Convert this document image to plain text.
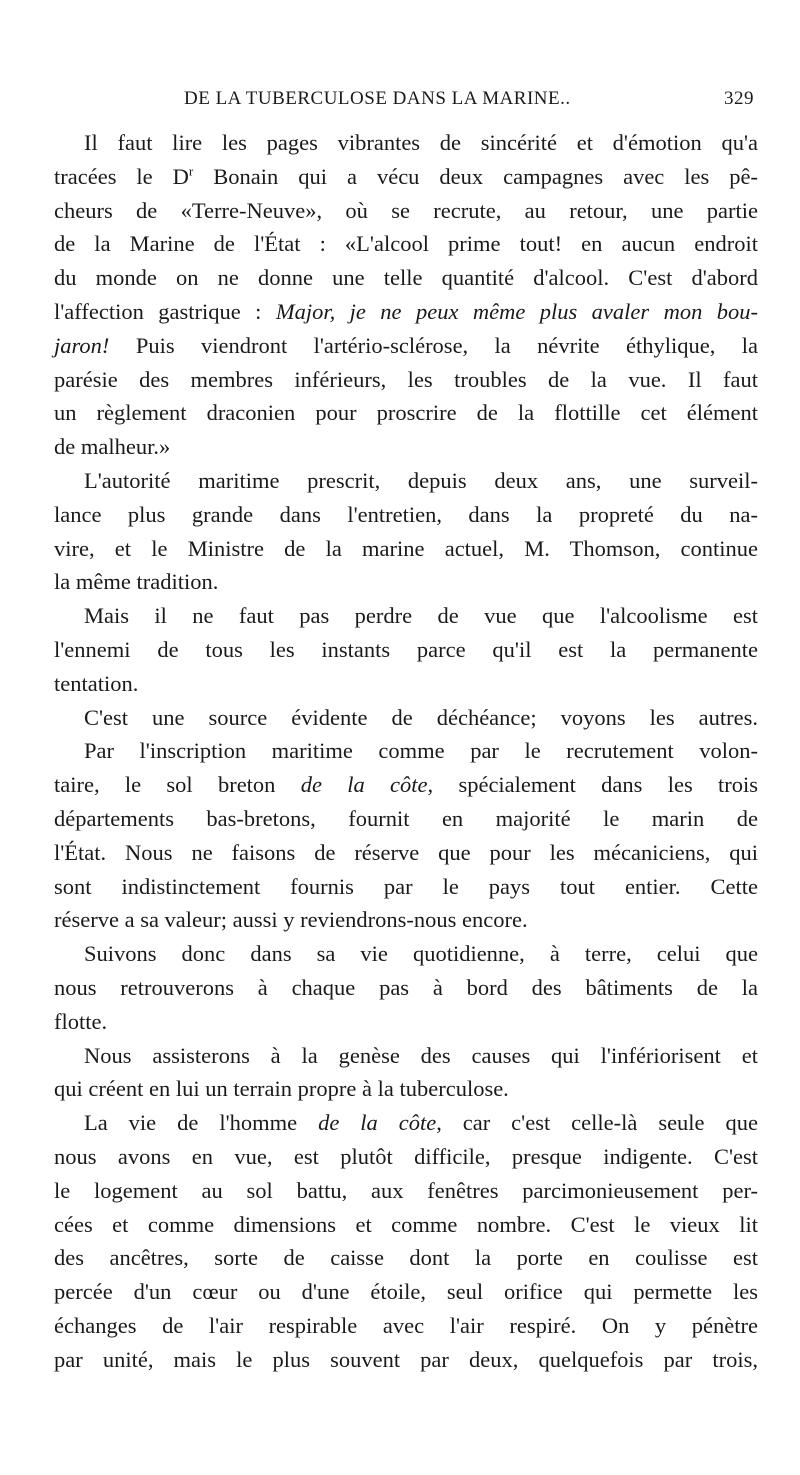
DE LA TUBERCULOSE DANS LA MARINE..	329
Il faut lire les pages vibrantes de sincérité et d'émotion qu'a
tracées le $D^r$ Bonain qui a vécu deux campagnes avec les pê-
cheurs de «Terre-Neuve», où se recrute, au retour, une partie
de la Marine de l'État : «L'alcool prime tout! en aucun endroit
du monde on ne donne une telle quantité d'alcool. C'est d'abord
l'affection gastrique : Major, je ne peux même plus avaler mon bou-
jaron! Puis viendront l'artério-sclérose, la névrite éthylique, la
parésie des membres inférieurs, les troubles de la vue. Il faut
un règlement draconien pour proscrire de la flottille cet élément
de malheur.»
L'autorité maritime prescrit, depuis deux ans, une surveil-
lance plus grande dans l'entretien, dans la propreté du na-
vire, et le Ministre de la marine actuel, M. Thomson, continue
la même tradition.
Mais il ne faut pas perdre de vue que l'alcoolisme est
l'ennemi de tous les instants parce qu'il est la permanente
tentation.
C'est une source évidente de déchéance; voyons les autres.
Par l'inscription maritime comme par le recrutement volon-
taire, le sol breton de la côte, spécialement dans les trois
départements bas-bretons, fournit en majorité le marin de
l'État. Nous ne faisons de réserve que pour les mécaniciens, qui
sont indistinctement fournis par le pays tout entier. Cette
réserve a sa valeur; aussi y reviendrons-nous encore.
Suivons donc dans sa vie quotidienne, à terre, celui que
nous retrouverons à chaque pas à bord des bâtiments de la
flotte.
Nous assisterons à la genèse des causes qui l'infériorisent et
qui créent en lui un terrain propre à la tuberculose.
La vie de l'homme de la côte, car c'est celle-là seule que
nous avons en vue, est plutôt difficile, presque indigente. C'est
le logement au sol battu, aux fenêtres parcimonieusement per-
cées et comme dimensions et comme nombre. C'est le vieux lit
des ancêtres, sorte de caisse dont la porte en coulisse est
percée d'un cœur ou d'une étoile, seul orifice qui permette les
échanges de l'air respirable avec l'air respiré. On y pénètre
par unité, mais le plus souvent par deux, quelquefois par trois,
